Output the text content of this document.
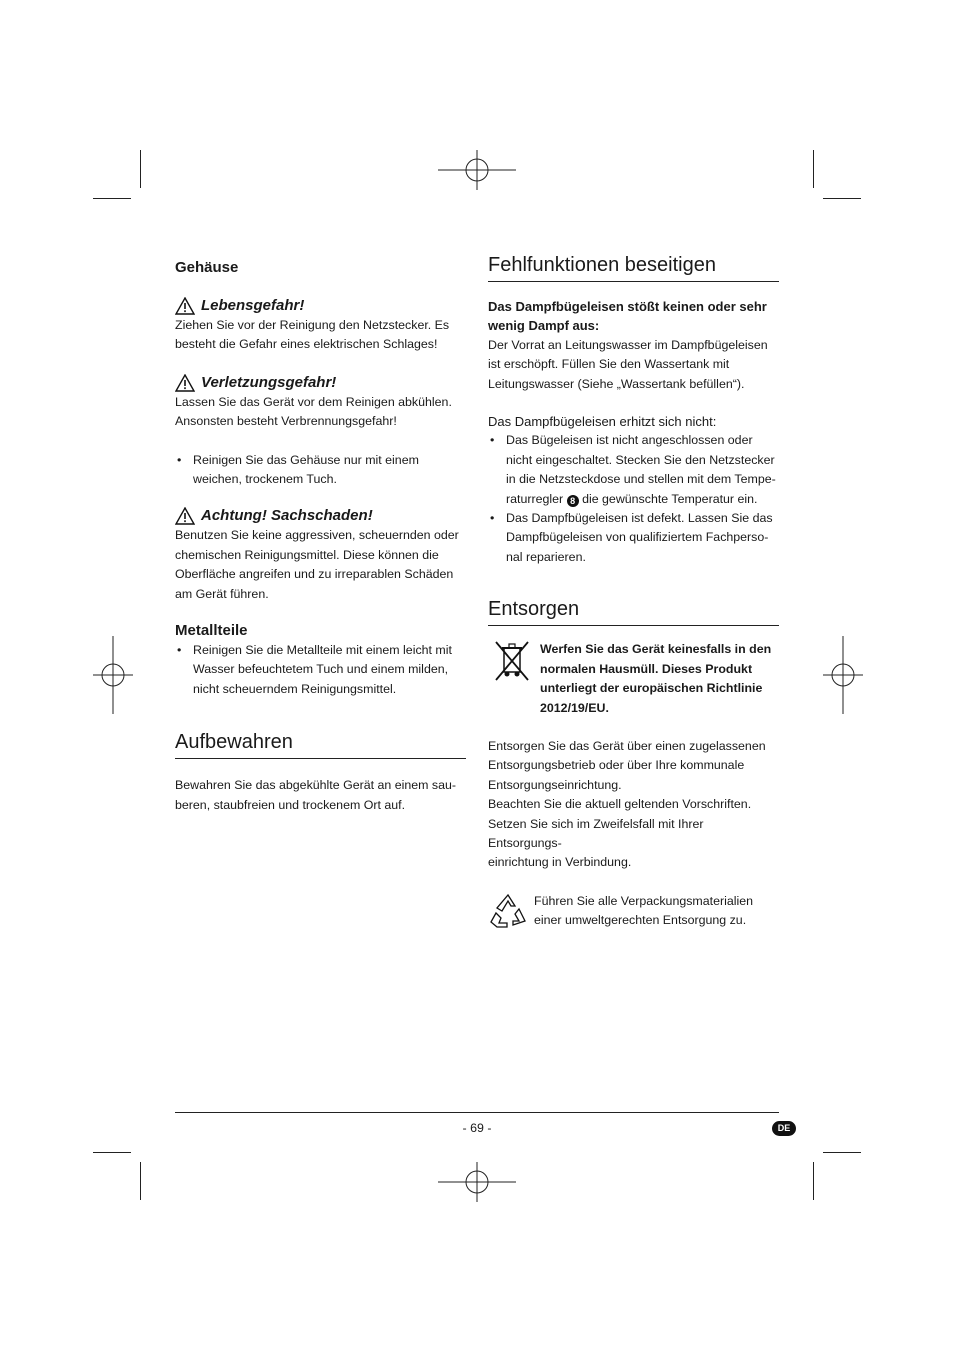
Gehäuse
Lebensgefahr!

Ziehen Sie vor der Reinigung den Netzstecker. Es

besteht die Gefahr eines elektrischen Schlages!

Verletzungsgefahr!

Lassen Sie das Gerät vor dem Reinigen abkühlen.

Ansonsten besteht Verbrennungsgefahr!

• Reinigen Sie das Gehäuse nur mit einem
weichen, trockenem Tuch.
Achtung! Sachschaden!

Benutzen Sie keine aggressiven, scheuernden oder

chemischen Reinigungsmittel. Diese können die

Oberfläche angreifen und zu irreparablen Schäden

am Gerät führen.

Metallteile
• Reinigen Sie die Metallteile mit einem leicht mit
Wasser befeuchtetem Tuch und einem milden,
nicht scheuerndem Reinigungsmittel.
Aufbewahren

Bewahren Sie das abgekühlte Gerät an einem sau-

beren, staubfreien und trockenem Ort auf.

Fehlfunktionen beseitigen
Das Dampfbügeleisen stößt keinen oder sehr
wenig Dampf aus:

Der Vorrat an Leitungswasser im Dampfbügeleisen

ist erschöpft. Füllen Sie den Wassertank mit

Leitungswasser (Siehe „Wassertank befüllen“).

Das Dampfbügeleisen erhitzt sich nicht:
• Das Bügeleisen ist nicht angeschlossen oder
nicht eingeschaltet. Stecken Sie den Netzstecker
in die Netzsteckdose und stellen mit dem Tempe-
raturregler 8 die gewünschte Temperatur ein.
• Das Dampfbügeleisen ist defekt. Lassen Sie das
Dampfbügeleisen von qualifiziertem Fachperso-
nal reparieren.
Entsorgen

Werfen Sie das Gerät keinesfalls in den

normalen Hausmüll. Dieses Produkt

unterliegt der europäischen Richtlinie

2012/19/EU.

Entsorgen Sie das Gerät über einen zugelassenen

Entsorgungsbetrieb oder über Ihre kommunale

Entsorgungseinrichtung.

Beachten Sie die aktuell geltenden Vorschriften.

Setzen Sie sich im Zweifelsfall mit Ihrer Entsorgungs-

einrichtung in Verbindung.

Führen Sie alle Verpackungsmaterialien

einer umweltgerechten Entsorgung zu.

- 69 -	DE
